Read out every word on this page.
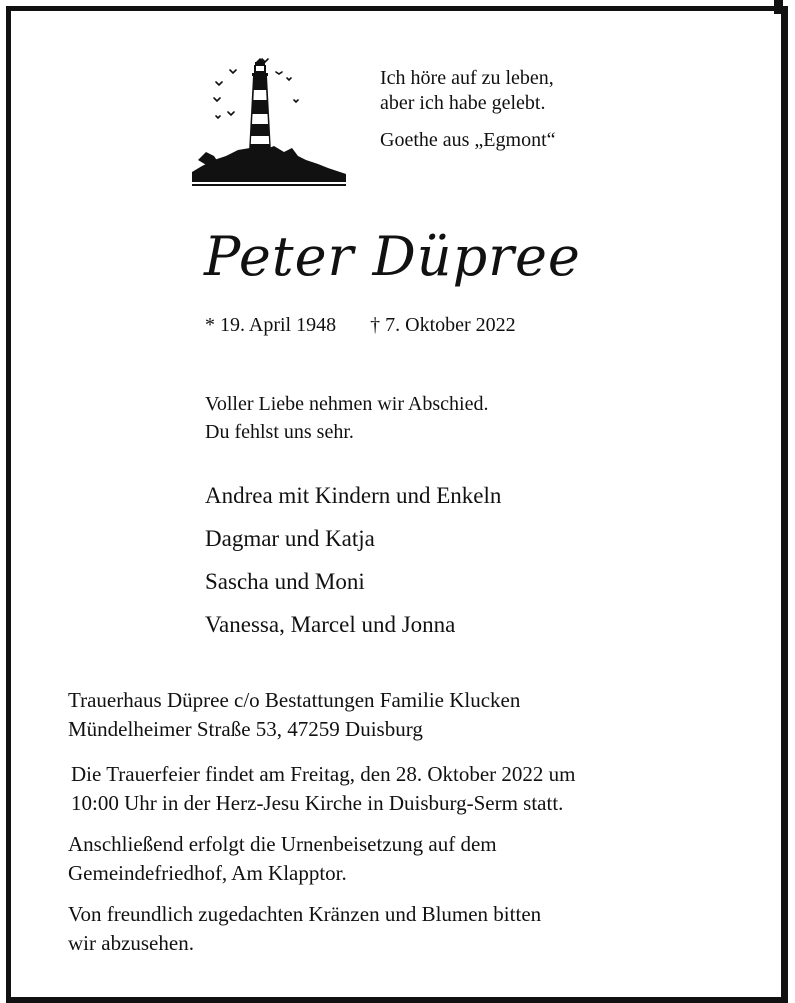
Ich höre auf zu leben,
aber ich habe gelebt.
Goethe aus „Egmont“
Peter Düpree
* 19. April 1948 † 7. Oktober 2022
Voller Liebe nehmen wir Abschied.
Du fehlst uns sehr.
Andrea mit Kindern und Enkeln
Dagmar und Katja
Sascha und Moni
Vanessa, Marcel und Jonna
Trauerhaus Düpree c/o Bestattungen Familie Klucken
Mündelheimer Straße 53, 47259 Duisburg
Die Trauerfeier findet am Freitag, den 28. Oktober 2022 um
10:00 Uhr in der Herz-Jesu Kirche in Duisburg-Serm statt.
Anschließend erfolgt die Urnenbeisetzung auf dem
Gemeindefriedhof, Am Klapptor.
Von freundlich zugedachten Kränzen und Blumen bitten
wir abzusehen.
